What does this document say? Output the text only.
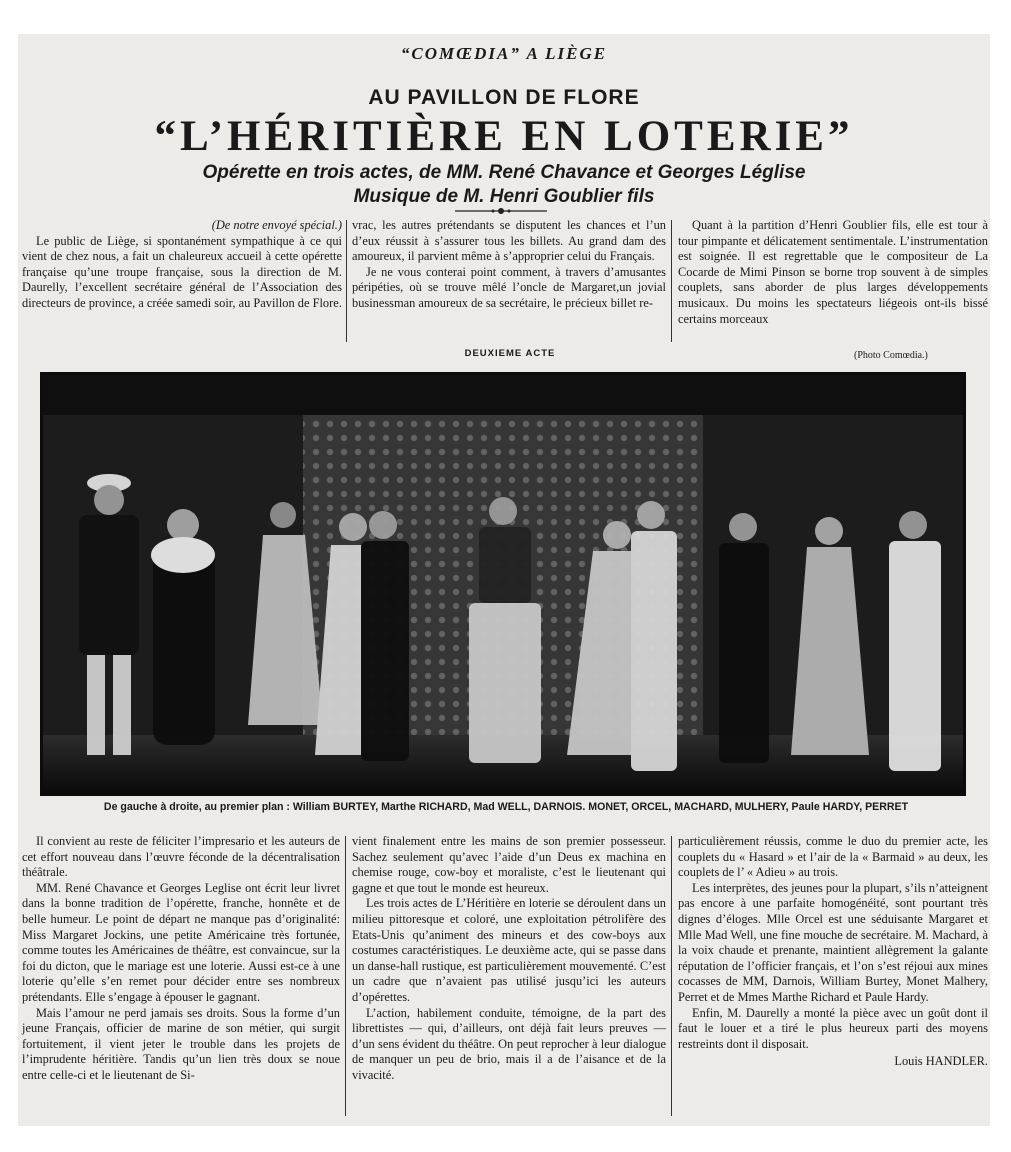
“COMŒDIA” A LIÈGE
AU PAVILLON DE FLORE
“L’HÉRITIÈRE EN LOTERIE”
Opérette en trois actes, de MM. René Chavance et Georges Léglise
Musique de M. Henri Goublier fils

(De notre envoyé spécial.)

Le public de Liège, si spontanément sympathique à ce qui vient de chez nous, a fait un chaleureux accueil à cette opérette française qu’une troupe française, sous la direction de M. Daurelly, l’excellent secrétaire général de l’Association des directeurs de province, a créée samedi soir, au Pavillon de Flore.

vrac, les autres prétendants se disputent les chances et l’un d’eux réussit à s’assurer tous les billets. Au grand dam des amoureux, il parvient même à s’approprier celui du Français.

Je ne vous conterai point comment, à travers d’amusantes péripéties, où se trouve mêlé l’oncle de Margaret,un jovial businessman amoureux de sa secrétaire, le précieux billet re-

Quant à la partition d’Henri Goublier fils, elle est tour à tour pimpante et délicatement sentimentale. L’instrumentation est soignée. Il est regrettable que le compositeur de La Cocarde de Mimi Pinson se borne trop souvent à de simples couplets, sans aborder de plus larges développements musicaux. Du moins les spectateurs liégeois ont-ils bissé certains morceaux

DEUXIEME ACTE	(Photo Comœdia.)
De gauche à droite, au premier plan : William BURTEY, Marthe RICHARD, Mad WELL, DARNOIS. MONET, ORCEL, MACHARD, MULHERY, Paule HARDY, PERRET

Il convient au reste de féliciter l’impresario et les auteurs de cet effort nouveau dans l’œuvre féconde de la décentralisation théâtrale.

MM. René Chavance et Georges Leglise ont écrit leur livret dans la bonne tradition de l’opérette, franche, honnête et de belle humeur. Le point de départ ne manque pas d’originalité: Miss Margaret Jockins, une petite Américaine très fortunée, comme toutes les Américaines de théâtre, est convaincue, sur la foi du dicton, que le mariage est une loterie. Aussi est-ce à une loterie qu’elle s’en remet pour décider entre ses nombreux prétendants. Elle s’engage à épouser le gagnant.

Mais l’amour ne perd jamais ses droits. Sous la forme d’un jeune Français, officier de marine de son métier, qui surgit fortuitement, il vient jeter le trouble dans les projets de l’imprudente héritière. Tandis qu’un lien très doux se noue entre celle-ci et le lieutenant de Si-

vient finalement entre les mains de son premier possesseur. Sachez seulement qu’avec l’aide d’un Deus ex machina en chemise rouge, cow-boy et moraliste, c’est le lieutenant qui gagne et que tout le monde est heureux.

Les trois actes de L’Héritière en loterie se déroulent dans un milieu pittoresque et coloré, une exploitation pétrolifère des Etats-Unis qu’animent des mineurs et des cow-boys aux costumes caractéristiques. Le deuxième acte, qui se passe dans un danse-hall rustique, est particulièrement mouvementé. C’est un cadre que n’avaient pas utilisé jusqu’ici les auteurs d’opérettes.

L’action, habilement conduite, témoigne, de la part des librettistes — qui, d’ailleurs, ont déjà fait leurs preuves — d’un sens évident du théâtre. On peut reprocher à leur dialogue de manquer un peu de brio, mais il a de l’aisance et de la vivacité.

particulièrement réussis, comme le duo du premier acte, les couplets du « Hasard » et l’air de la « Barmaid » au deux, les couplets de l’ « Adieu » au trois.

Les interprètes, des jeunes pour la plupart, s’ils n’atteignent pas encore à une parfaite homogénéité, sont pourtant très dignes d’éloges. Mlle Orcel est une séduisante Margaret et Mlle Mad Well, une fine mouche de secrétaire. M. Machard, à la voix chaude et prenante, maintient allègrement la galante réputation de l’officier français, et l’on s’est réjoui aux mines cocasses de MM, Darnois, William Burtey, Monet Malhery, Perret et de Mmes Marthe Richard et Paule Hardy.

Enfin, M. Daurelly a monté la pièce avec un goût dont il faut le louer et a tiré le plus heureux parti des moyens restreints dont il disposait.

Louis HANDLER.
